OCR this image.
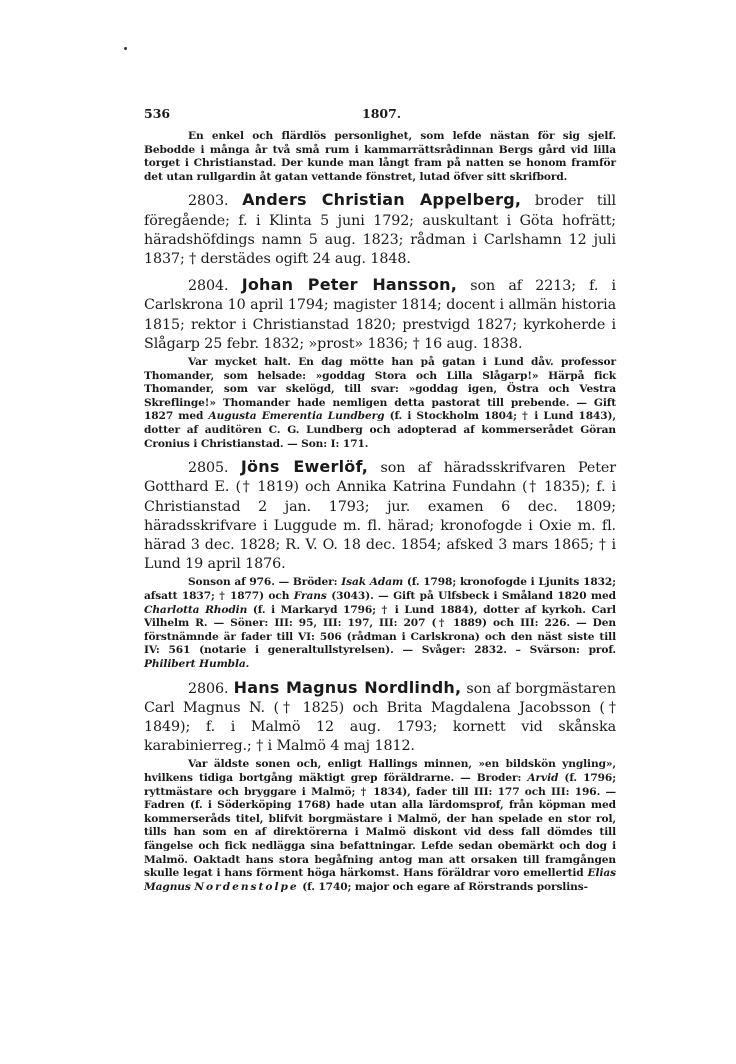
536	1807.

En enkel och flärdlös personlighet, som lefde nästan för sig sjelf. Bebodde i många år två små rum i kammarrättsrådinnan Bergs gård vid lilla torget i Christianstad. Der kunde man långt fram på natten se honom framför det utan rullgardin åt gatan vettande fönstret, lutad öfver sitt skrifbord.

2803. Anders Christian Appelberg, broder till föregående; f. i Klinta 5 juni 1792; auskultant i Göta hofrätt; häradshöfdings namn 5 aug. 1823; rådman i Carlshamn 12 juli 1837; † derstädes ogift 24 aug. 1848.

2804. Johan Peter Hansson, son af 2213; f. i Carlskrona 10 april 1794; magister 1814; docent i allmän historia 1815; rektor i Christianstad 1820; prestvigd 1827; kyrkoherde i Slågarp 25 febr. 1832; »prost» 1836; † 16 aug. 1838.

Var mycket halt. En dag mötte han på gatan i Lund dåv. professor Thomander, som helsade: »goddag Stora och Lilla Slågarp!» Härpå fick Thomander, som var skelögd, till svar: »goddag igen, Östra och Vestra Skreflinge!» Thomander hade nemligen detta pastorat till prebende. — Gift 1827 med Augusta Emerentia Lundberg (f. i Stockholm 1804; † i Lund 1843), dotter af auditören C. G. Lundberg och adopterad af kommerserådet Göran Cronius i Christianstad. — Son: I: 171.

2805. Jöns Ewerlöf, son af häradsskrifvaren Peter Gotthard E. († 1819) och Annika Katrina Fundahn († 1835); f. i Christianstad 2 jan. 1793; jur. examen 6 dec. 1809; häradsskrifvare i Luggude m. fl. härad; kronofogde i Oxie m. fl. härad 3 dec. 1828; R. V. O. 18 dec. 1854; afsked 3 mars 1865; † i Lund 19 april 1876.

Sonson af 976. — Bröder: Isak Adam (f. 1798; kronofogde i Ljunits 1832; afsatt 1837; † 1877) och Frans (3043). — Gift på Ulfsbeck i Småland 1820 med Charlotta Rhodin (f. i Markaryd 1796; † i Lund 1884), dotter af kyrkoh. Carl Vilhelm R. — Söner: III: 95, III: 197, III: 207 († 1889) och III: 226. — Den förstnämnde är fader till VI: 506 (rådman i Carlskrona) och den näst siste till IV: 561 (notarie i generaltullstyrelsen). — Svåger: 2832. – Svärson: prof. Philibert Humbla.

2806. Hans Magnus Nordlindh, son af borgmästaren Carl Magnus N. († 1825) och Brita Magdalena Jacobsson († 1849); f. i Malmö 12 aug. 1793; kornett vid skånska karabinierreg.; † i Malmö 4 maj 1812.

Var äldste sonen och, enligt Hallings minnen, »en bildskön yngling», hvilkens tidiga bortgång mäktigt grep föräldrarne. — Broder: Arvid (f. 1796; ryttmästare och bryggare i Malmö; † 1834), fader till III: 177 och III: 196. — Fadren (f. i Söderköping 1768) hade utan alla lärdomsprof, från köpman med kommerseråds titel, blifvit borgmästare i Malmö, der han spelade en stor rol, tills han som en af direktörerna i Malmö diskont vid dess fall dömdes till fängelse och fick nedlägga sina befattningar. Lefde sedan obemärkt och dog i Malmö. Oaktadt hans stora begåfning antog man att orsaken till framgången skulle legat i hans förment höga härkomst. Hans föräldrar voro emellertid Elias Magnus Nordenstolpe (f. 1740; major och egare af Rörstrands porslins-
